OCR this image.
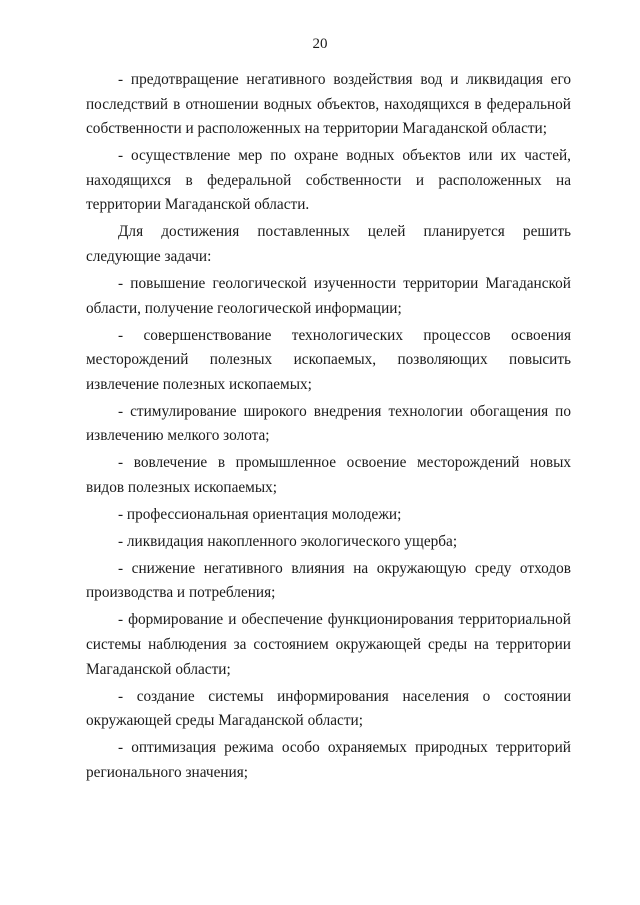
20

- предотвращение негативного воздействия вод и ликвидация его последствий в отношении водных объектов, находящихся в федеральной собственности и расположенных на территории Магаданской области;

- осуществление мер по охране водных объектов или их частей, находящихся в федеральной собственности и расположенных на территории Магаданской области.

Для достижения поставленных целей планируется решить следующие задачи:

- повышение геологической изученности территории Магаданской области, получение геологической информации;

- совершенствование технологических процессов освоения месторождений полезных ископаемых, позволяющих повысить извлечение полезных ископаемых;

- стимулирование широкого внедрения технологии обогащения по извлечению мелкого золота;

- вовлечение в промышленное освоение месторождений новых видов полезных ископаемых;

- профессиональная ориентация молодежи;

- ликвидация накопленного экологического ущерба;

- снижение негативного влияния на окружающую среду отходов производства и потребления;

- формирование и обеспечение функционирования территориальной системы наблюдения за состоянием окружающей среды на территории Магаданской области;

- создание системы информирования населения о состоянии окружающей среды Магаданской области;

- оптимизация режима особо охраняемых природных территорий регионального значения;
